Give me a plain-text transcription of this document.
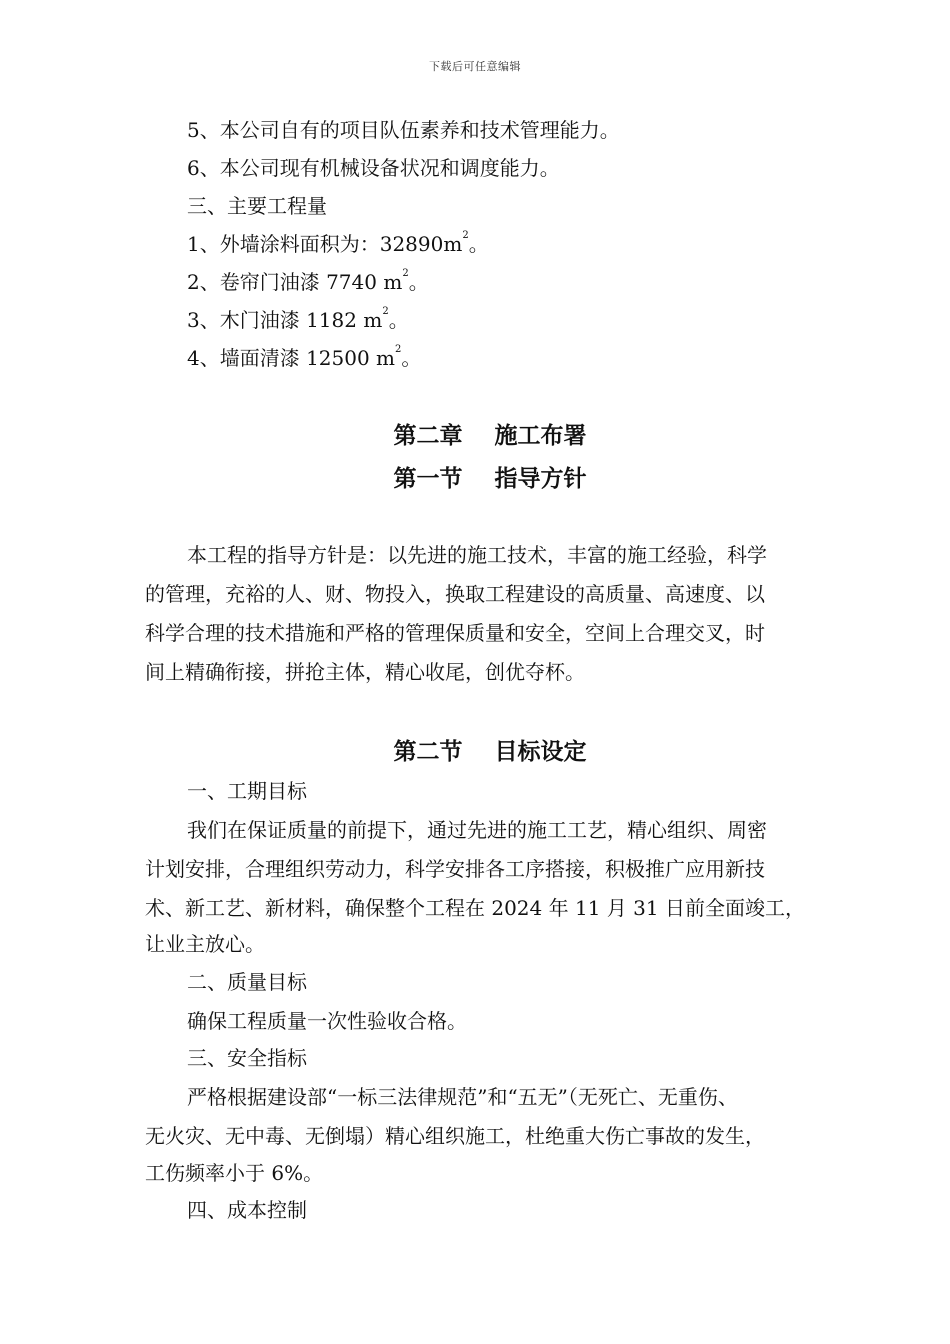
下载后可任意编辑
5、本公司自有的项目队伍素养和技术管理能力。
6、本公司现有机械设备状况和调度能力。
三、主要工程量
1、外墙涂料面积为：$32890m^2$。
2、卷帘门油漆 7740 $m^2$。
3、木门油漆 1182 $m^2$。
4、墙面清漆 12500 $m^2$。
第二章    施工布署
第一节    指导方针
本工程的指导方针是：以先进的施工技术，丰富的施工经验，科学
的管理，充裕的人、财、物投入，换取工程建设的高质量、高速度、以
科学合理的技术措施和严格的管理保质量和安全，空间上合理交叉，时
间上精确衔接，拼抢主体，精心收尾，创优夺杯。
第二节    目标设定
一、工期目标
我们在保证质量的前提下，通过先进的施工工艺，精心组织、周密
计划安排，合理组织劳动力，科学安排各工序搭接，积极推广应用新技
术、新工艺、新材料，确保整个工程在 2024 年 11 月 31 日前全面竣工，
让业主放心。
二、质量目标
确保工程质量一次性验收合格。
三、安全指标
严格根据建设部“一标三法律规范”和“五无”（无死亡、无重伤、
无火灾、无中毒、无倒塌）精心组织施工，杜绝重大伤亡事故的发生，
工伤频率小于 6%。
四、成本控制
